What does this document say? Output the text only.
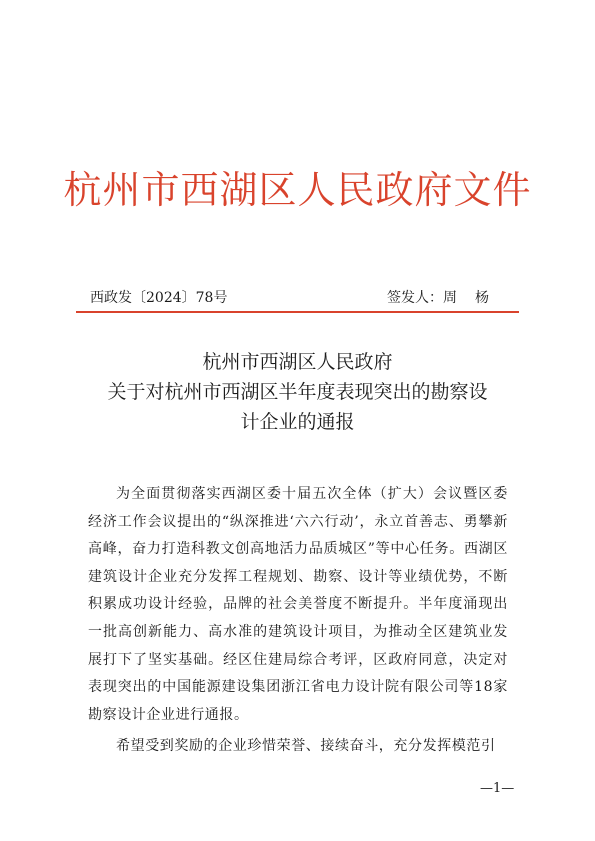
杭州市西湖区人民政府文件
西政发〔2024〕78号	签发人：周杨
杭州市西湖区人民政府
关于对杭州市西湖区半年度表现突出的勘察设
计企业的通报

为全面贯彻落实西湖区委十届五次全体（扩大）会议暨区委经济工作会议提出的“纵深推进‘六六行动’，永立首善志、勇攀新高峰，奋力打造科教文创高地活力品质城区”等中心任务。西湖区建筑设计企业充分发挥工程规划、勘察、设计等业绩优势，不断积累成功设计经验，品牌的社会美誉度不断提升。半年度涌现出一批高创新能力、高水准的建筑设计项目，为推动全区建筑业发展打下了坚实基础。经区住建局综合考评，区政府同意，决定对表现突出的中国能源建设集团浙江省电力设计院有限公司等18家勘察设计企业进行通报。

希望受到奖励的企业珍惜荣誉、接续奋斗，充分发挥模范引

—1—
